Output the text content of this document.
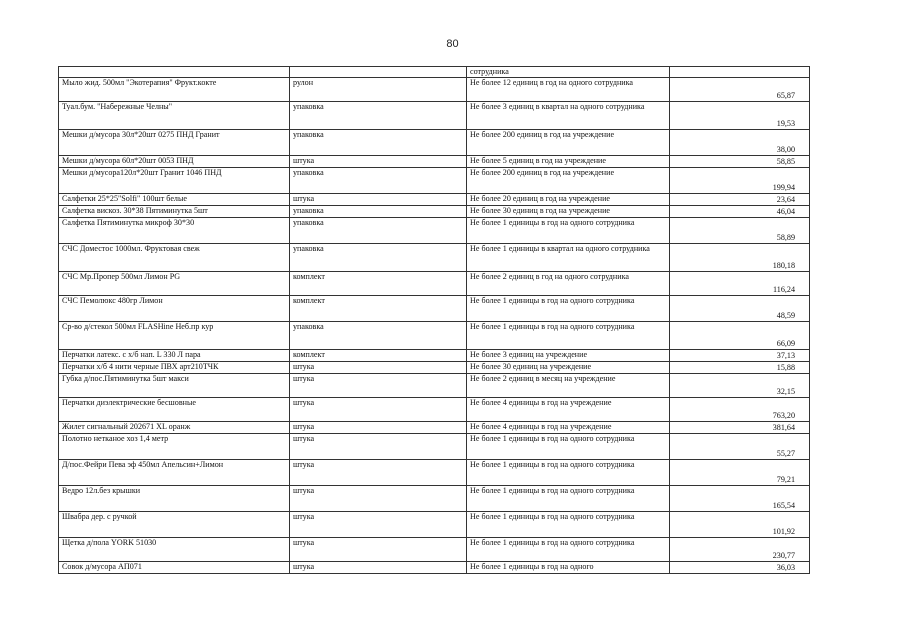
80
		сотрудника		
Мыло жид. 500мл "Экотерапия" Фрукт.кокте	рулон	Не более 12 единиц в год на одного сотрудника	65,87	
Туал.бум. "Набережные Челны"	упаковка	Не более 3 единиц в квартал на одного сотрудника	19,53	
Мешки д/мусора 30л*20шт 0275 ПНД Гранит	упаковка	Не более 200 единиц в год на учреждение	38,00	
Мешки д/мусора 60л*20шт 0053 ПНД	штука	Не более 5 единиц в год на учреждение	58,85	
Мешки д/мусора120л*20шт Гранит 1046 ПНД	упаковка	Не более 200 единиц в год на учреждение	199,94	
Салфетки 25*25"Solfi" 100шт белые	штука	Не более 20 единиц в год на учреждение	23,64	
Салфетка вискоз. 30*38 Пятиминутка 5шт	упаковка	Не более 30 единиц в год на учреждение	46,04	
Салфетка Пятиминутка микроф 30*30	упаковка	Не более 1 единицы в год на одного сотрудника	58,89	
СЧС Доместос 1000мл. Фруктовая свеж	упаковка	Не более 1 единицы в квартал на одного сотрудника	180,18	
СЧС Мр.Пропер 500мл Лимон PG	комплект	Не более 2 единиц в год на одного сотрудника	116,24	
СЧС Пемолюкс 480гр Лимон	комплект	Не более 1 единицы в год на одного сотрудника	48,59	
Ср-во д/стекол 500мл FLASHine Неб.пр кур	упаковка	Не более 1 единицы в год на одного сотрудника	66,09	
Перчатки латекс. с х/б нап. L 330 Л пара	комплект	Не более 3 единиц на учреждение	37,13	
Перчатки х/б 4 нити черные ПВХ арт210ТЧК	штука	Не более 30 единиц на учреждение	15,88	
Губка д/пос.Пятиминутка 5шт макси	штука	Не более 2 единиц в месяц на учреждение	32,15	
Перчатки диэлектрические бесшовные	штука	Не более 4 единицы в год на учреждение	763,20	
Жилет сигнальный 202671 XL оранж	штука	Не более 4 единицы в год на учреждение	381,64	
Полотно нетканое хоз 1,4 метр	штука	Не более 1 единицы в год на одного сотрудника	55,27	
Д/пос.Фейри Пева эф 450мл Апельсин+Лимон	штука	Не более 1 единицы в год на одного сотрудника	79,21	
Ведро 12л.без крышки	штука	Не более 1 единицы в год на одного сотрудника	165,54	
Швабра дер. с ручкой	штука	Не более 1 единицы в год на одного сотрудника	101,92	
Щетка д/пола YORK 51030	штука	Не более 1 единицы в год на одного сотрудника	230,77	
Совок д/мусора АП071	штука	Не более 1 единицы в год на одного	36,03	
